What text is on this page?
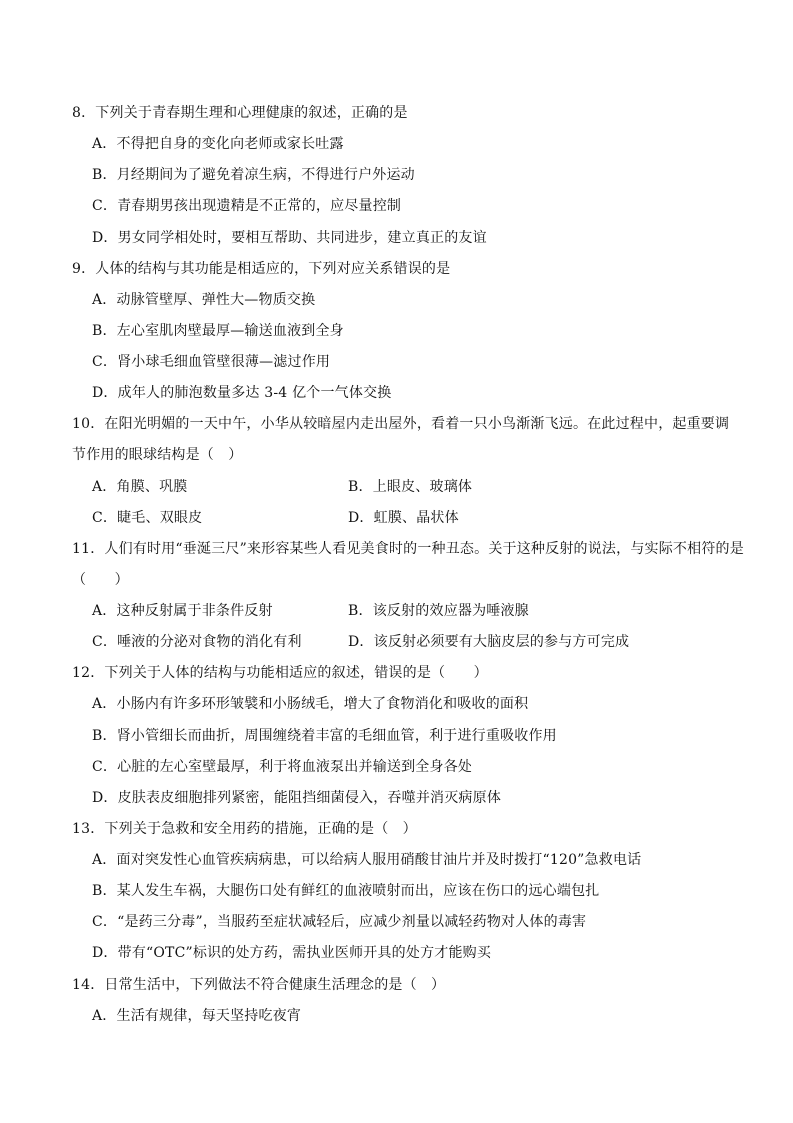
8．下列关于青春期生理和心理健康的叙述，正确的是
A．不得把自身的变化向老师或家长吐露
B．月经期间为了避免着凉生病，不得进行户外运动
C．青春期男孩出现遗精是不正常的，应尽量控制
D．男女同学相处时，要相互帮助、共同进步，建立真正的友谊
9．人体的结构与其功能是相适应的，下列对应关系错误的是
A．动脉管壁厚、弹性大—物质交换
B．左心室肌肉壁最厚—输送血液到全身
C．肾小球毛细血管壁很薄—滤过作用
D．成年人的肺泡数量多达 3-4 亿个一气体交换
10．在阳光明媚的一天中午，小华从较暗屋内走出屋外，看着一只小鸟渐渐飞远。在此过程中，起重要调
节作用的眼球结构是（　）
A．角膜、巩膜	B．上眼皮、玻璃体
C．睫毛、双眼皮	D．虹膜、晶状体
11．人们有时用“垂涎三尺”来形容某些人看见美食时的一种丑态。关于这种反射的说法，与实际不相符的是
（　　）
A．这种反射属于非条件反射	B．该反射的效应器为唾液腺
C．唾液的分泌对食物的消化有利	D．该反射必须要有大脑皮层的参与方可完成
12．下列关于人体的结构与功能相适应的叙述，错误的是（　　）
A．小肠内有许多环形皱襞和小肠绒毛，增大了食物消化和吸收的面积
B．肾小管细长而曲折，周围缠绕着丰富的毛细血管，利于进行重吸收作用
C．心脏的左心室壁最厚，利于将血液泵出并输送到全身各处
D．皮肤表皮细胞排列紧密，能阻挡细菌侵入，吞噬并消灭病原体
13．下列关于急救和安全用药的措施，正确的是（　）
A．面对突发性心血管疾病病患，可以给病人服用硝酸甘油片并及时拨打“120”急救电话
B．某人发生车祸，大腿伤口处有鲜红的血液喷射而出，应该在伤口的远心端包扎
C．“是药三分毒”，当服药至症状减轻后，应减少剂量以减轻药物对人体的毒害
D．带有“OTC”标识的处方药，需执业医师开具的处方才能购买
14．日常生活中，下列做法不符合健康生活理念的是（　）
A．生活有规律，每天坚持吃夜宵
